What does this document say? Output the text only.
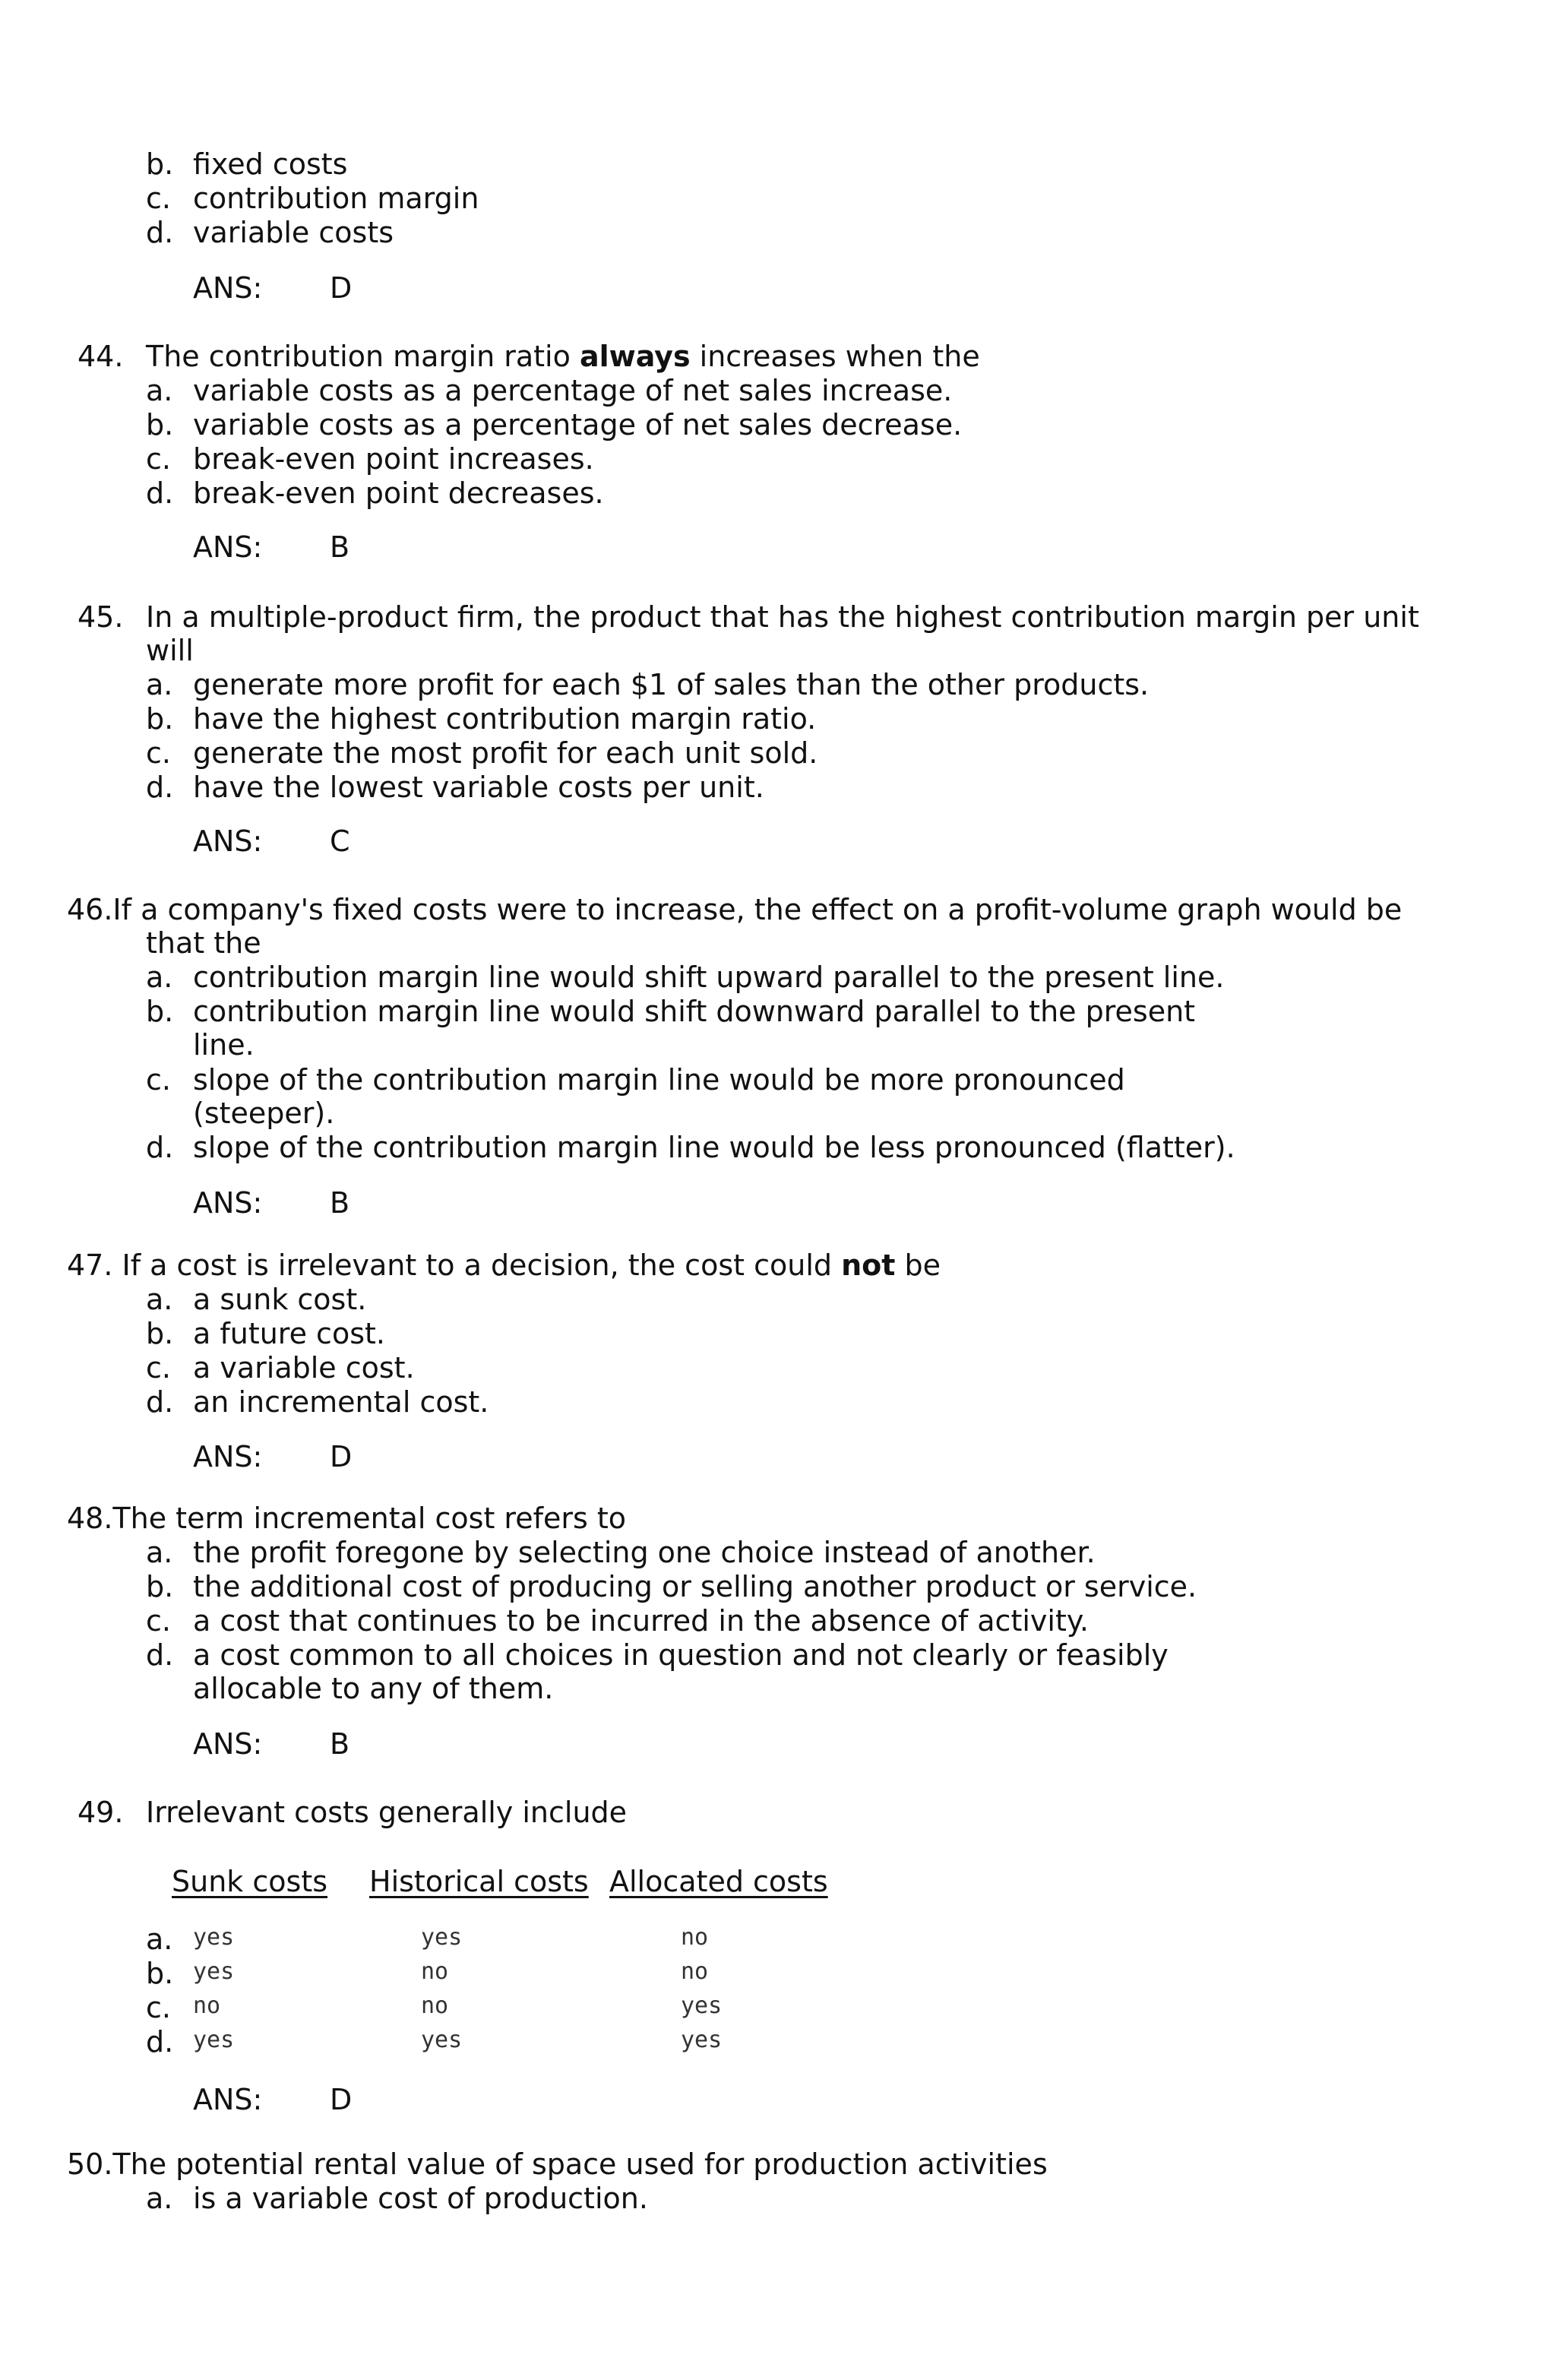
b. fixed costs
c. contribution margin
d. variable costs
ANS: D
44. The contribution margin ratio always increases when the
a. variable costs as a percentage of net sales increase.
b. variable costs as a percentage of net sales decrease.
c. break-even point increases.
d. break-even point decreases.
ANS: B
45. In a multiple-product firm, the product that has the highest contribution margin per unit
will
a. generate more profit for each $1 of sales than the other products.
b. have the highest contribution margin ratio.
c. generate the most profit for each unit sold.
d. have the lowest variable costs per unit.
ANS: C
46.If a company's fixed costs were to increase, the effect on a profit-volume graph would be
that the
a. contribution margin line would shift upward parallel to the present line.
b. contribution margin line would shift downward parallel to the present
line.
c. slope of the contribution margin line would be more pronounced
(steeper).
d. slope of the contribution margin line would be less pronounced (flatter).
ANS: B
47. If a cost is irrelevant to a decision, the cost could not be
a. a sunk cost.
b. a future cost.
c. a variable cost.
d. an incremental cost.
ANS: D
48.The term incremental cost refers to
a. the profit foregone by selecting one choice instead of another.
b. the additional cost of producing or selling another product or service.
c. a cost that continues to be incurred in the absence of activity.
d. a cost common to all choices in question and not clearly or feasibly
allocable to any of them.
ANS: B
49. Irrelevant costs generally include
Sunk costs Historical costs Allocated costs
a. yes	yes	no
b. yes	no	no
c. no	no	yes
d. yes	yes	yes
ANS: D
50.The potential rental value of space used for production activities
a. is a variable cost of production.
